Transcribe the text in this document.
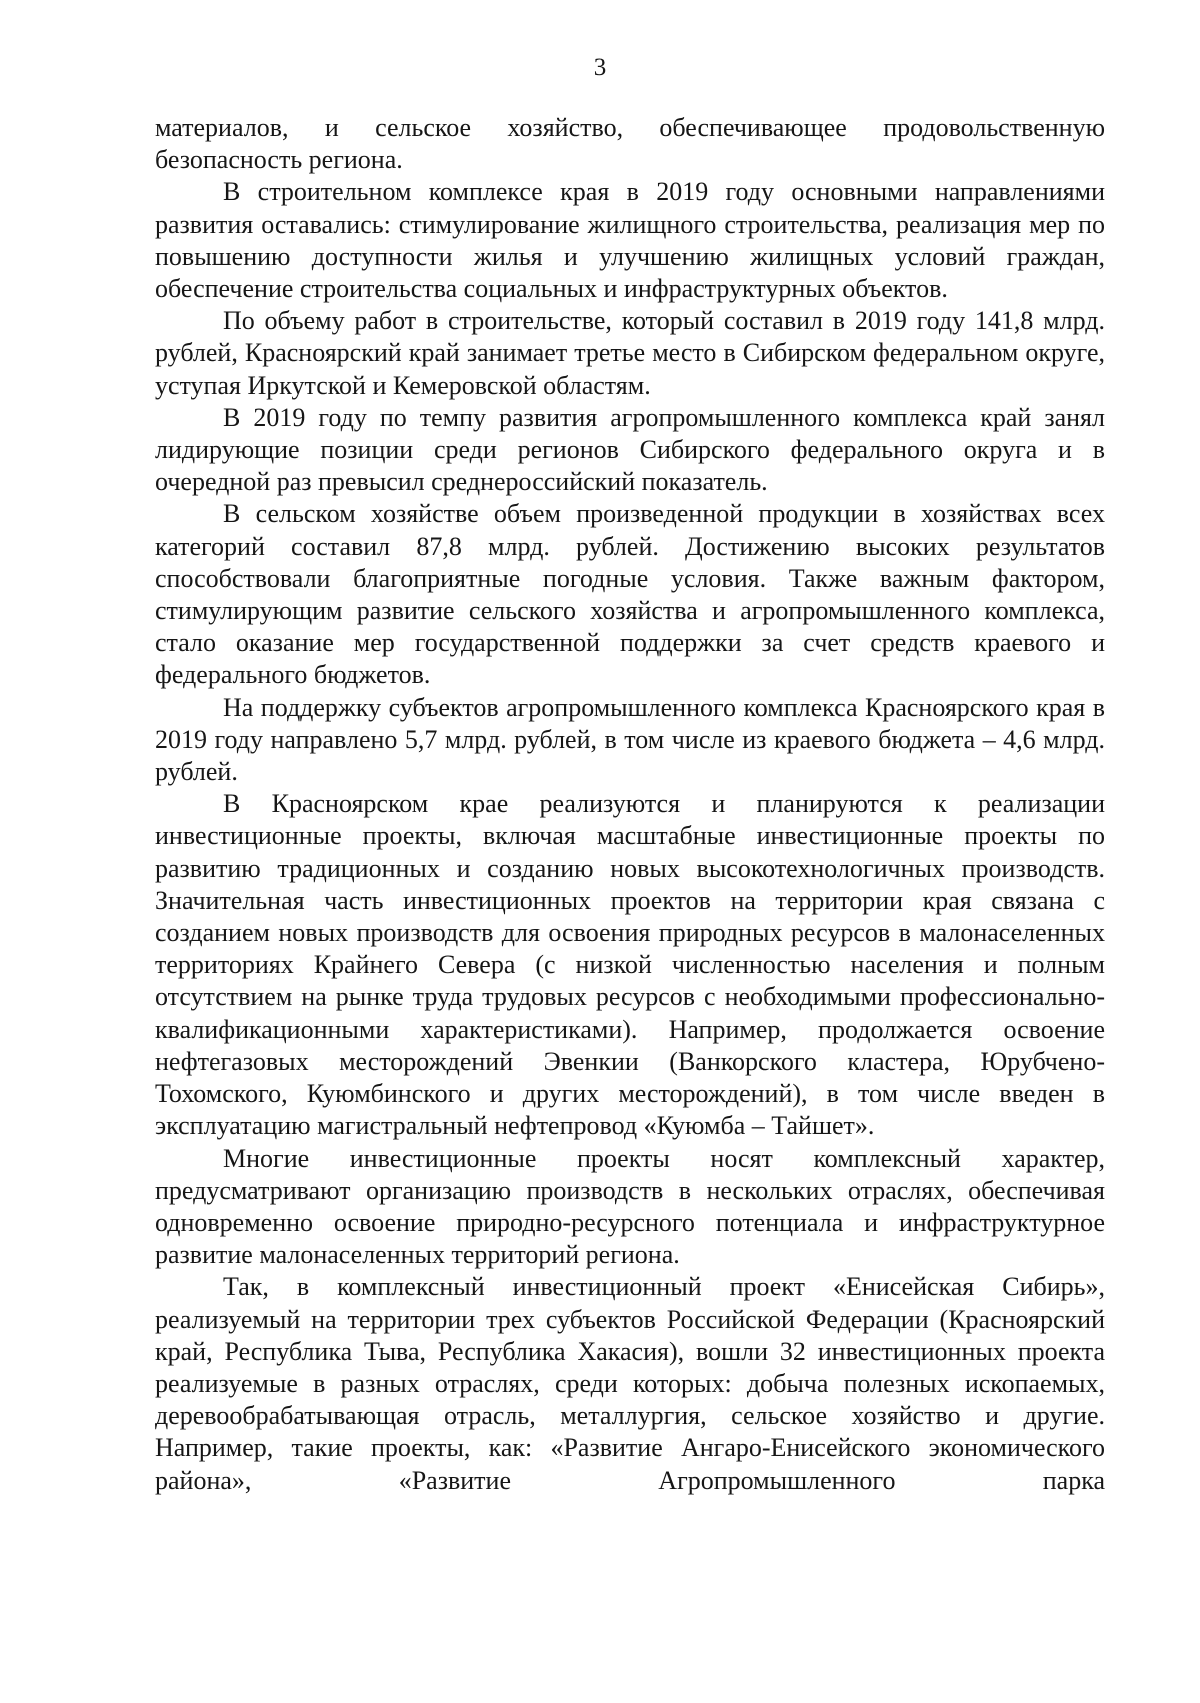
3

материалов, и сельское хозяйство, обеспечивающее продовольственную безопасность региона.

В строительном комплексе края в 2019 году основными направлениями развития оставались: стимулирование жилищного строительства, реализация мер по повышению доступности жилья и улучшению жилищных условий граждан, обеспечение строительства социальных и инфраструктурных объектов.

По объему работ в строительстве, который составил в 2019 году 141,8 млрд. рублей, Красноярский край занимает третье место в Сибирском федеральном округе, уступая Иркутской и Кемеровской областям.

В 2019 году по темпу развития агропромышленного комплекса край занял лидирующие позиции среди регионов Сибирского федерального округа и в очередной раз превысил среднероссийский показатель.

В сельском хозяйстве объем произведенной продукции в хозяйствах всех категорий составил 87,8 млрд. рублей. Достижению высоких результатов способствовали благоприятные погодные условия. Также важным фактором, стимулирующим развитие сельского хозяйства и агропромышленного комплекса, стало оказание мер государственной поддержки за счет средств краевого и федерального бюджетов.

На поддержку субъектов агропромышленного комплекса Красноярского края в 2019 году направлено 5,7 млрд. рублей, в том числе из краевого бюджета – 4,6 млрд. рублей.

В Красноярском крае реализуются и планируются к реализации инвестиционные проекты, включая масштабные инвестиционные проекты по развитию традиционных и созданию новых высокотехнологичных производств. Значительная часть инвестиционных проектов на территории края связана с созданием новых производств для освоения природных ресурсов в малонаселенных территориях Крайнего Севера (с низкой численностью населения и полным отсутствием на рынке труда трудовых ресурсов с необходимыми профессионально-квалификационными характеристиками). Например, продолжается освоение нефтегазовых месторождений Эвенкии (Ванкорского кластера, Юрубчено-Тохомского, Куюмбинского и других месторождений), в том числе введен в эксплуатацию магистральный нефтепровод «Куюмба – Тайшет».

Многие инвестиционные проекты носят комплексный характер, предусматривают организацию производств в нескольких отраслях, обеспечивая одновременно освоение природно-ресурсного потенциала и инфраструктурное развитие малонаселенных территорий региона.

Так, в комплексный инвестиционный проект «Енисейская Сибирь», реализуемый на территории трех субъектов Российской Федерации (Красноярский край, Республика Тыва, Республика Хакасия), вошли 32 инвестиционных проекта реализуемые в разных отраслях, среди которых: добыча полезных ископаемых, деревообрабатывающая отрасль, металлургия, сельское хозяйство и другие. Например, такие проекты, как: «Развитие Ангаро-Енисейского экономического района», «Развитие Агропромышленного парка
